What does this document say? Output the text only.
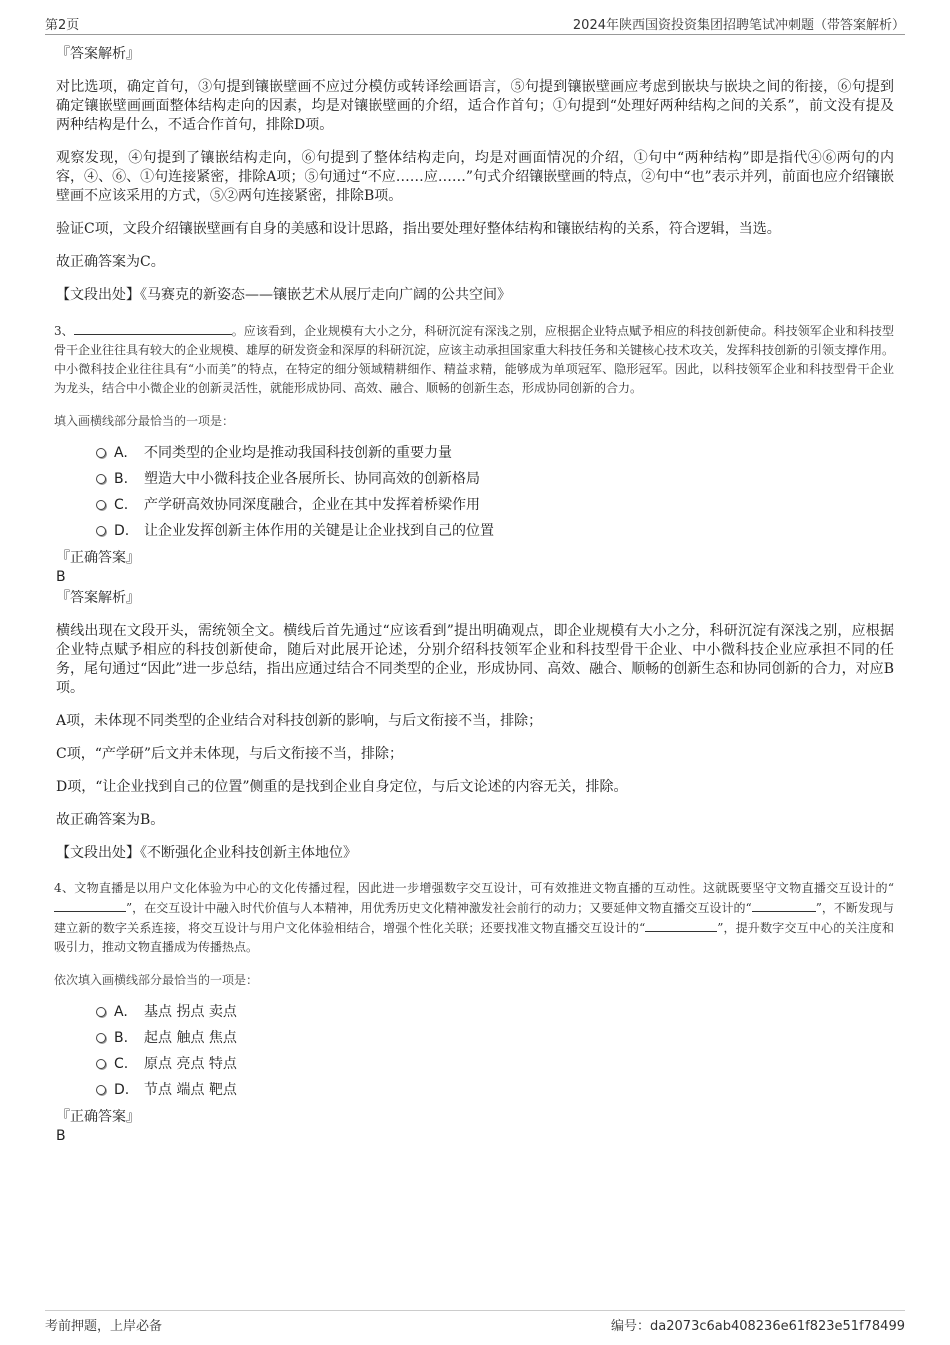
第2页	2024年陕西国资投资集团招聘笔试冲刺题（带答案解析）

『答案解析』

对比选项，确定首句，③句提到镶嵌壁画不应过分模仿或转译绘画语言，⑤句提到镶嵌壁画应考虑到嵌块与嵌块之间的衔接，⑥句提到确定镶嵌壁画画面整体结构走向的因素，均是对镶嵌壁画的介绍，适合作首句；①句提到“处理好两种结构之间的关系”，前文没有提及两种结构是什么，不适合作首句，排除D项。

观察发现，④句提到了镶嵌结构走向，⑥句提到了整体结构走向，均是对画面情况的介绍，①句中“两种结构”即是指代④⑥两句的内容，④、⑥、①句连接紧密，排除A项；⑤句通过“不应……应……”句式介绍镶嵌壁画的特点，②句中“也”表示并列，前面也应介绍镶嵌壁画不应该采用的方式，⑤②两句连接紧密，排除B项。

验证C项，文段介绍镶嵌壁画有自身的美感和设计思路，指出要处理好整体结构和镶嵌结构的关系，符合逻辑，当选。

故正确答案为C。

【文段出处】《马赛克的新姿态——镶嵌艺术从展厅走向广阔的公共空间》

3、	。应该看到，企业规模有大小之分，科研沉淀有深浅之别，应根据企业特点赋予相应的科技创新使命。科技领军企业和科技型骨干企业往往具有较大的企业规模、雄厚的研发资金和深厚的科研沉淀，应该主动承担国家重大科技任务和关键核心技术攻关，发挥科技创新的引领支撑作用。中小微科技企业往往具有“小而美”的特点，在特定的细分领域精耕细作、精益求精，能够成为单项冠军、隐形冠军。因此，以科技领军企业和科技型骨干企业为龙头，结合中小微企业的创新灵活性，就能形成协同、高效、融合、顺畅的创新生态，形成协同创新的合力。

填入画横线部分最恰当的一项是：

A.	不同类型的企业均是推动我国科技创新的重要力量
B.	塑造大中小微科技企业各展所长、协同高效的创新格局
C.	产学研高效协同深度融合，企业在其中发挥着桥梁作用
D.	让企业发挥创新主体作用的关键是让企业找到自己的位置

『正确答案』

B

『答案解析』

横线出现在文段开头，需统领全文。横线后首先通过“应该看到”提出明确观点，即企业规模有大小之分，科研沉淀有深浅之别，应根据企业特点赋予相应的科技创新使命，随后对此展开论述，分别介绍科技领军企业和科技型骨干企业、中小微科技企业应承担不同的任务，尾句通过“因此”进一步总结，指出应通过结合不同类型的企业，形成协同、高效、融合、顺畅的创新生态和协同创新的合力，对应B项。

A项，未体现不同类型的企业结合对科技创新的影响，与后文衔接不当，排除；

C项，“产学研”后文并未体现，与后文衔接不当，排除；

D项，“让企业找到自己的位置”侧重的是找到企业自身定位，与后文论述的内容无关，排除。

故正确答案为B。

【文段出处】《不断强化企业科技创新主体地位》

4、文物直播是以用户文化体验为中心的文化传播过程，因此进一步增强数字交互设计，可有效推进文物直播的互动性。这就既要坚守文物直播交互设计的“”，在交互设计中融入时代价值与人本精神，用优秀历史文化精神激发社会前行的动力；又要延伸文物直播交互设计的“	”，不断发现与建立新的数字关系连接，将交互设计与用户文化体验相结合，增强个性化关联；还要找准文物直播交互设计的“	”，提升数字交互中心的关注度和吸引力，推动文物直播成为传播热点。

依次填入画横线部分最恰当的一项是：

A.	基点 拐点 卖点
B.	起点 触点 焦点
C.	原点 亮点 特点
D.	节点 端点 靶点

『正确答案』

B

考前押题，上岸必备	编号：da2073c6ab408236e61f823e51f78499
